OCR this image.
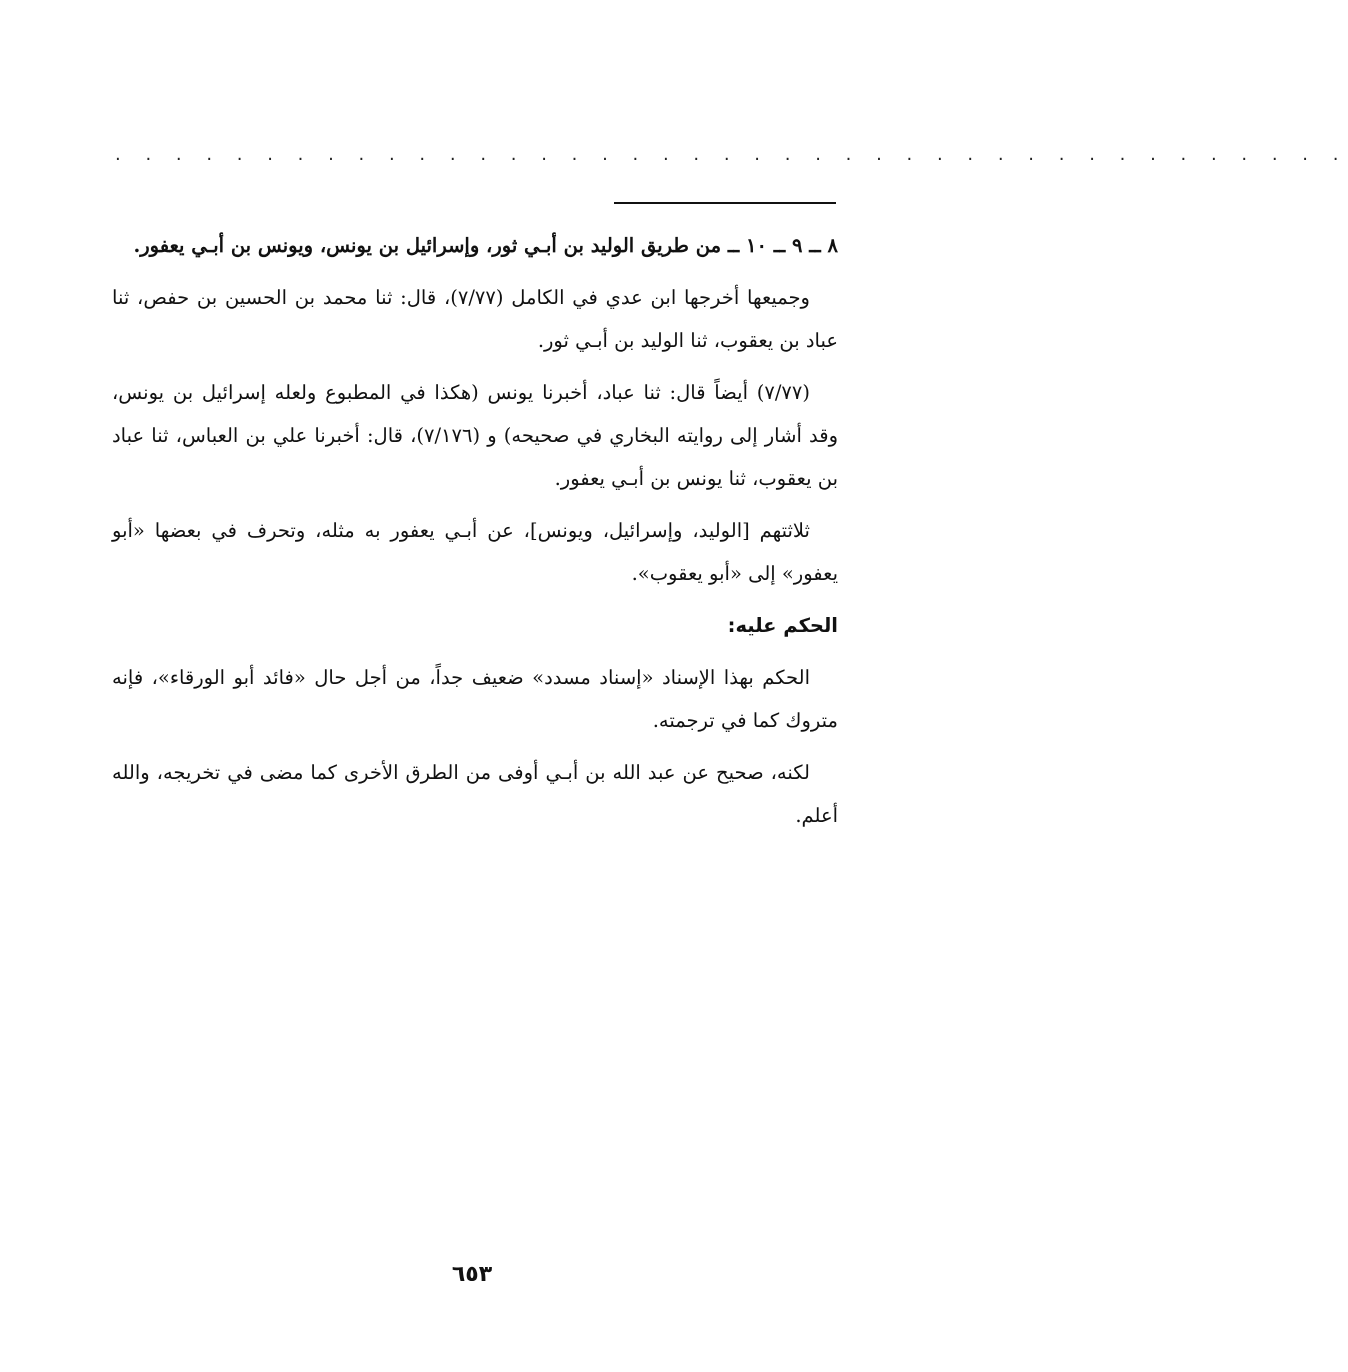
. . . . . . . . . . . . . . . . . . . . . . . . . . . . . . . . . . . . . . . . .

٨ ــ ٩ ــ ١٠ ــ من طريق الوليد بن أبـي ثور، وإسرائيل بن يونس، ويونس بن أبـي يعفور.

وجميعها أخرجها ابن عدي في الكامل (٧/٧٧)، قال: ثنا محمد بن الحسين بن حفص، ثنا عباد بن يعقوب، ثنا الوليد بن أبـي ثور.

(٧/٧٧) أيضاً قال: ثنا عباد، أخبرنا يونس (هكذا في المطبوع ولعله إسرائيل بن يونس، وقد أشار إلى روايته البخاري في صحيحه) و (٧/١٧٦)، قال: أخبرنا علي بن العباس، ثنا عباد بن يعقوب، ثنا يونس بن أبـي يعفور.

ثلاثتهم [الوليد، وإسرائيل، ويونس]، عن أبـي يعفور به مثله، وتحرف في بعضها «أبو يعفور» إلى «أبو يعقوب».

الحكم عليه:

الحكم بهذا الإسناد «إسناد مسدد» ضعيف جداً، من أجل حال «فائد أبو الورقاء»، فإنه متروك كما في ترجمته.

لكنه، صحيح عن عبد الله بن أبـي أوفى من الطرق الأخرى كما مضى في تخريجه، والله أعلم.

٦٥٣
